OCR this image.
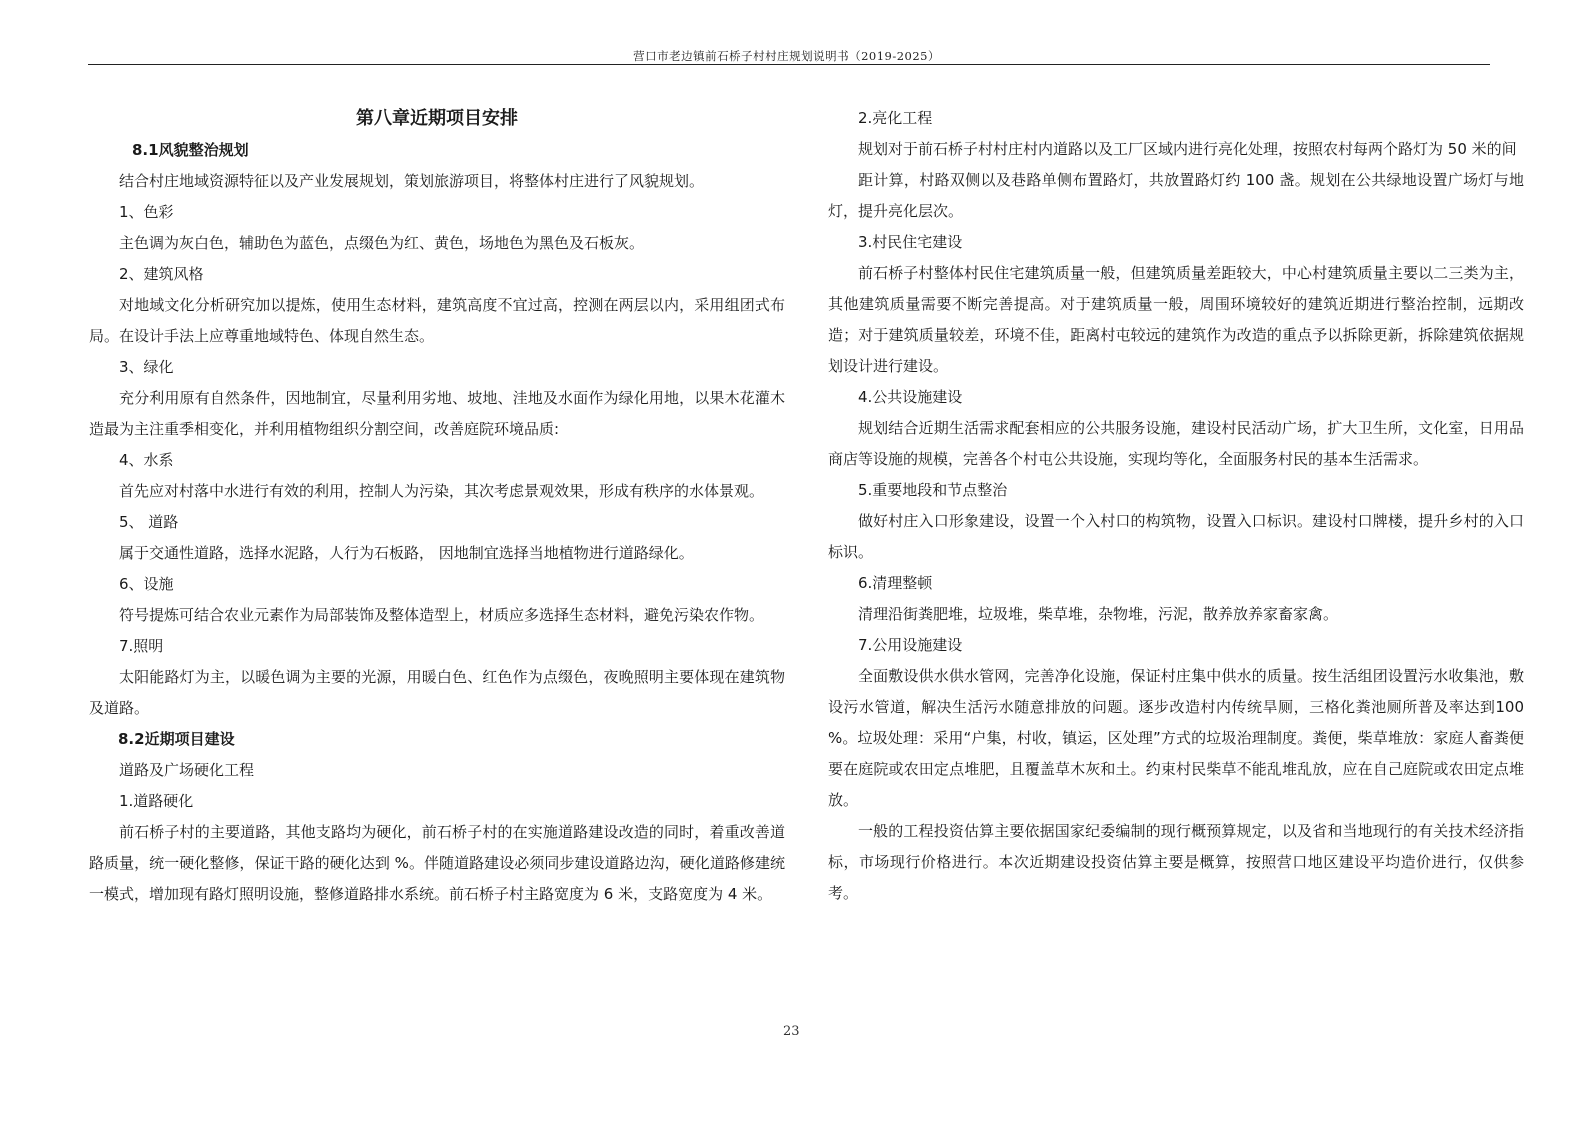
营口市老边镇前石桥子村村庄规划说明书（2019-2025）

第八章近期项目安排

8.1风貌整治规划

结合村庄地域资源特征以及产业发展规划，策划旅游项目，将整体村庄进行了风貌规划。

1、色彩

主色调为灰白色，辅助色为蓝色，点缀色为红、黄色，场地色为黑色及石板灰。

2、建筑风格

对地域文化分析研究加以提炼，使用生态材料，建筑高度不宜过高，控测在两层以内，采用组团式布局。在设计手法上应尊重地域特色、体现自然生态。

3、绿化

充分利用原有自然条件，因地制宜，尽量利用劣地、坡地、洼地及水面作为绿化用地，以果木花灌木造最为主注重季相变化，并利用植物组织分割空间，改善庭院环境品质:

4、水系

首先应对村落中水进行有效的利用，控制人为污染，其次考虑景观效果，形成有秩序的水体景观。

5、 道路

属于交通性道路，选择水泥路，人行为石板路， 因地制宜选择当地植物进行道路绿化。

6、设施

符号提炼可结合农业元素作为局部装饰及整体造型上，材质应多选择生态材料，避免污染农作物。

7.照明

太阳能路灯为主，以暖色调为主要的光源，用暖白色、红色作为点缀色，夜晚照明主要体现在建筑物及道路。

8.2近期项目建设

道路及广场硬化工程

1.道路硬化

前石桥子村的主要道路，其他支路均为硬化，前石桥子村的在实施道路建设改造的同时，着重改善道路质量，统一硬化整修，保证干路的硬化达到 %。伴随道路建设必须同步建设道路边沟，硬化道路修建统一模式，增加现有路灯照明设施，整修道路排水系统。前石桥子村主路宽度为 6 米，支路宽度为 4 米。

2.亮化工程

规划对于前石桥子村村庄村内道路以及工厂区域内进行亮化处理，按照农村每两个路灯为 50 米的间

距计算，村路双侧以及巷路单侧布置路灯，共放置路灯约 100 盏。规划在公共绿地设置广场灯与地灯，提升亮化层次。

3.村民住宅建设

前石桥子村整体村民住宅建筑质量一般，但建筑质量差距较大，中心村建筑质量主要以二三类为主， 其他建筑质量需要不断完善提高。对于建筑质量一般，周围环境较好的建筑近期进行整治控制，远期改造；对于建筑质量较差，环境不佳，距离村屯较远的建筑作为改造的重点予以拆除更新，拆除建筑依据规划设计进行建设。

4.公共设施建设

规划结合近期生活需求配套相应的公共服务设施，建设村民活动广场，扩大卫生所，文化室，日用品商店等设施的规模，完善各个村屯公共设施，实现均等化，全面服务村民的基本生活需求。

5.重要地段和节点整治

做好村庄入口形象建设，设置一个入村口的构筑物，设置入口标识。建设村口牌楼，提升乡村的入口标识。

6.清理整顿

清理沿街粪肥堆，垃圾堆，柴草堆，杂物堆，污泥，散养放养家畜家禽。

7.公用设施建设

全面敷设供水供水管网，完善净化设施，保证村庄集中供水的质量。按生活组团设置污水收集池，敷设污水管道，解决生活污水随意排放的问题。逐步改造村内传统旱厕，三格化粪池厕所普及率达到100 %。垃圾处理：采用“户集，村收，镇运，区处理”方式的垃圾治理制度。粪便，柴草堆放：家庭人畜粪便要在庭院或农田定点堆肥，且覆盖草木灰和土。约束村民柴草不能乱堆乱放，应在自己庭院或农田定点堆放。

一般的工程投资估算主要依据国家纪委编制的现行概预算规定，以及省和当地现行的有关技术经济指标，市场现行价格进行。本次近期建设投资估算主要是概算，按照营口地区建设平均造价进行，仅供参考。

23
